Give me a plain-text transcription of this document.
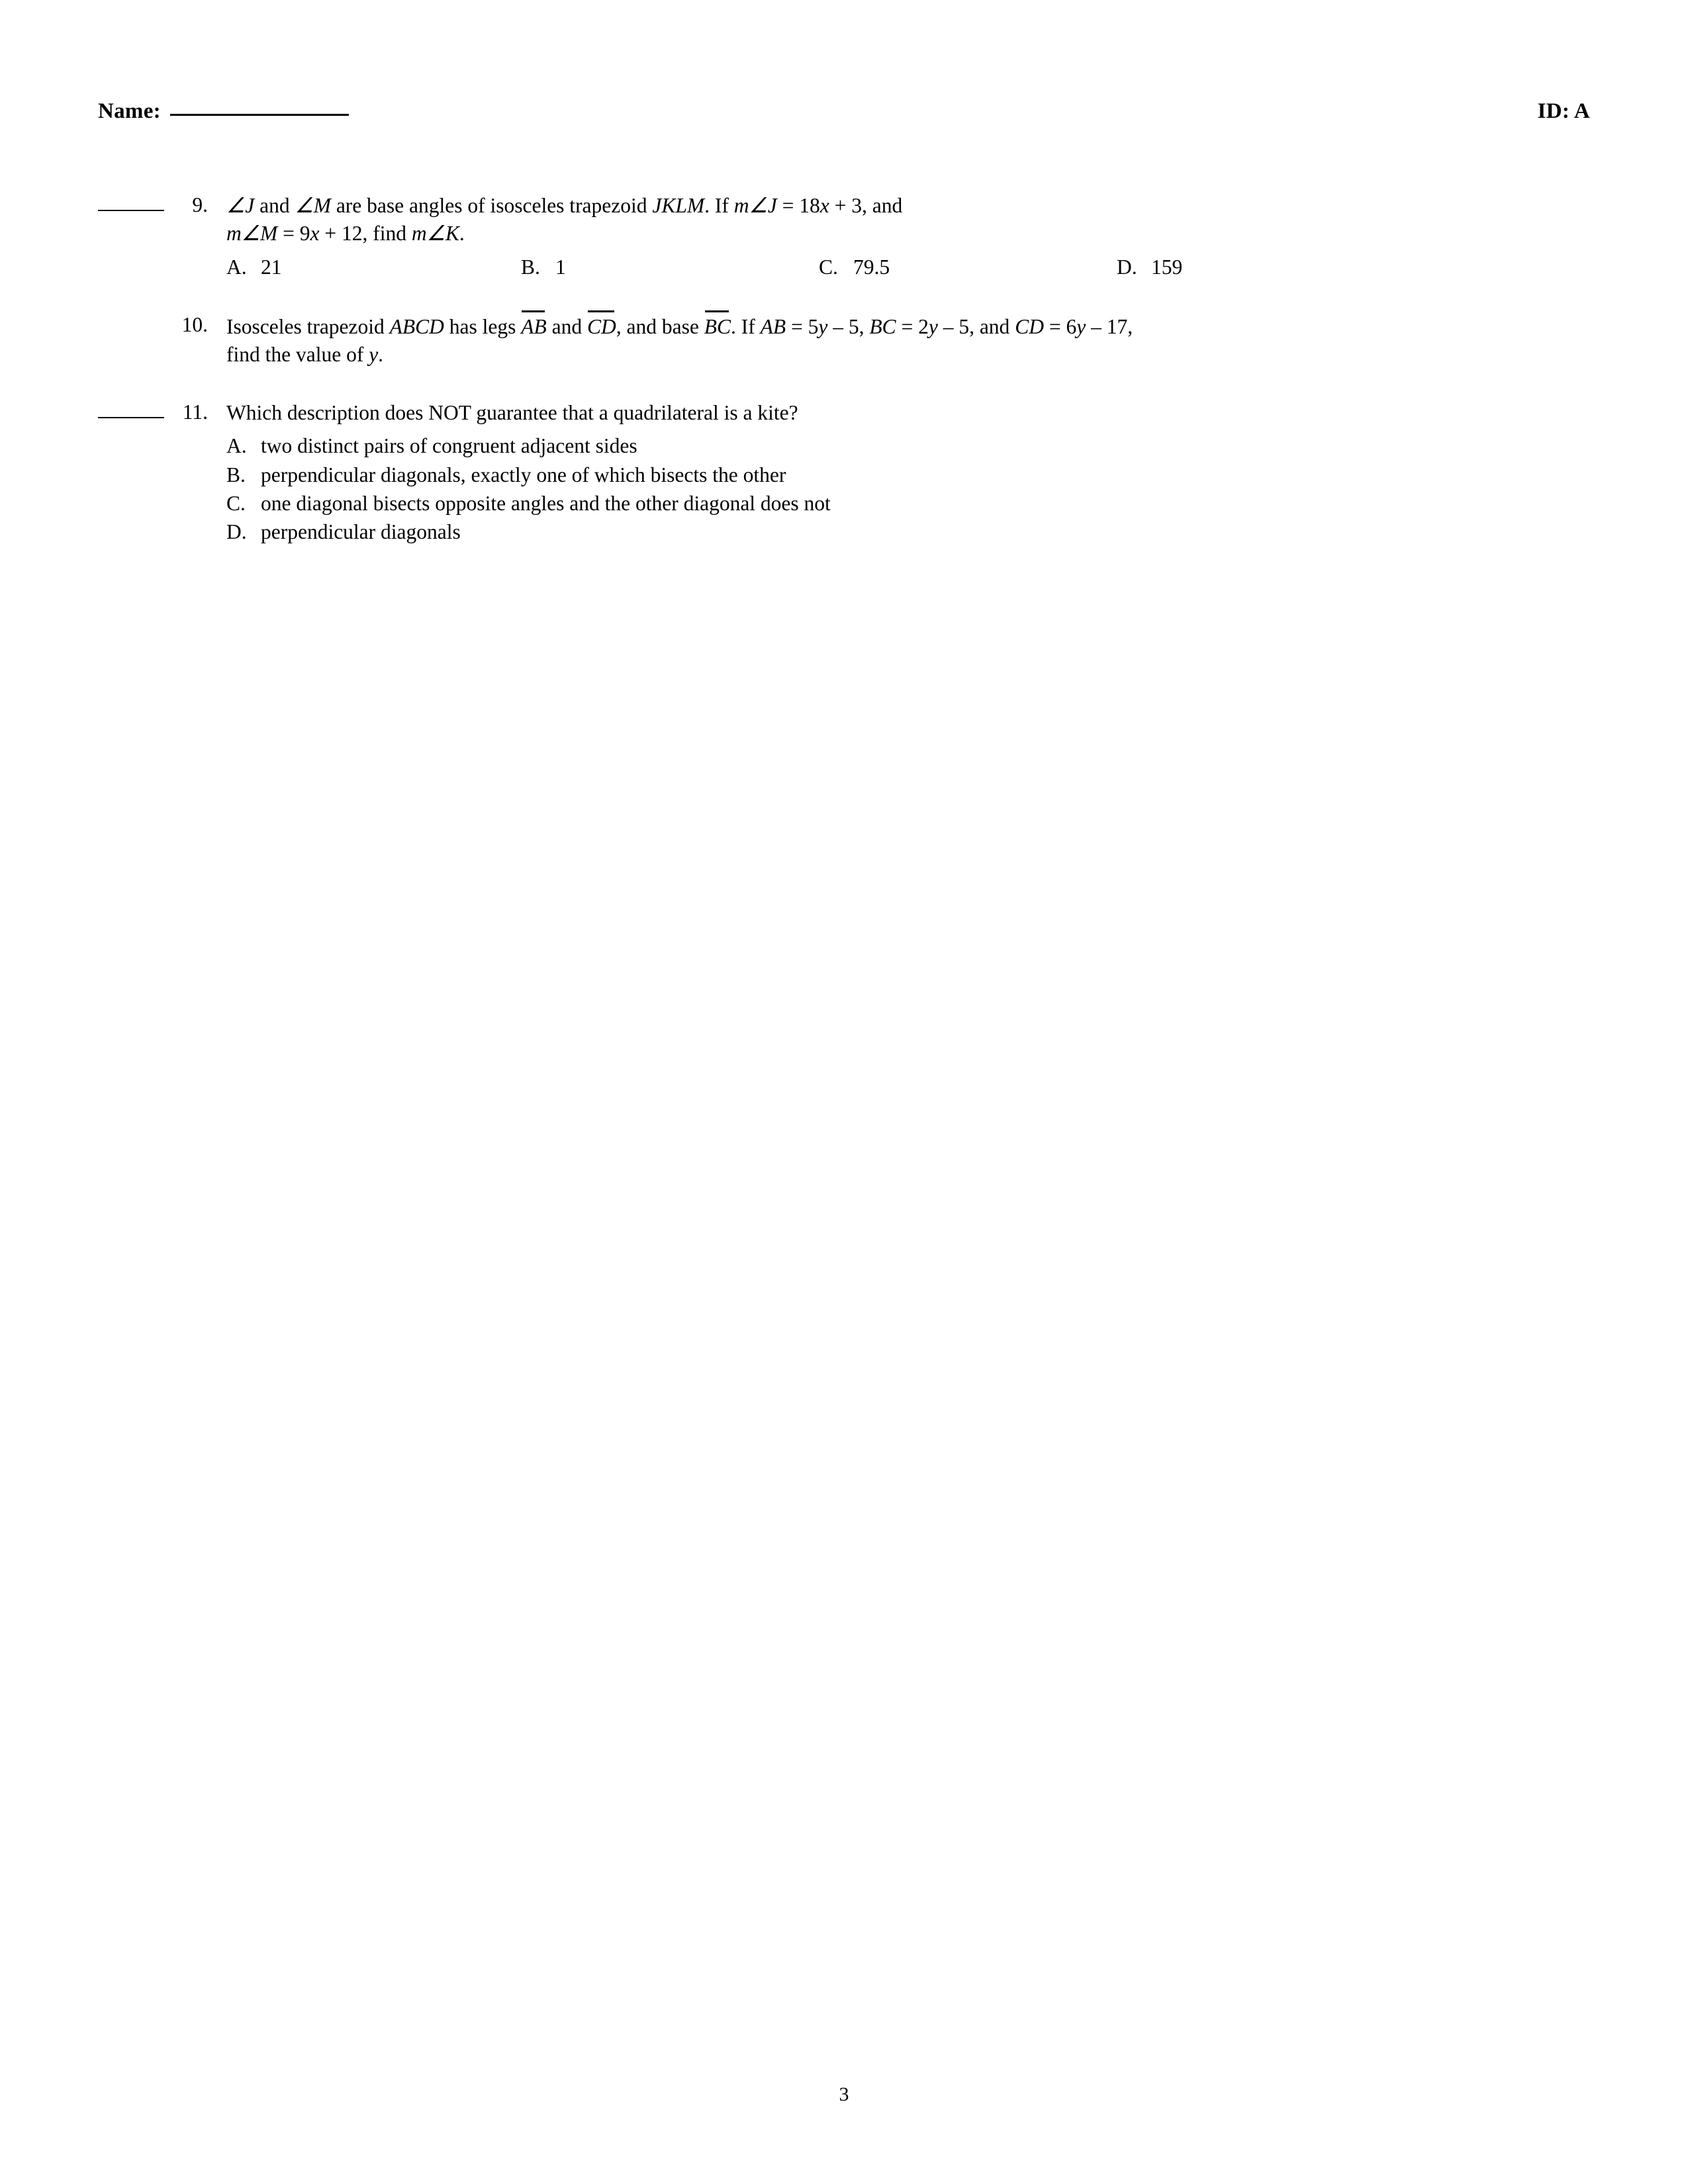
Name:	ID: A
9. ∠J and ∠M are base angles of isosceles trapezoid JKLM. If m∠J = 18x + 3, and
m∠M = 9x + 12, find m∠K.
A. 21	B. 1	C. 79.5	D. 159
10. Isosceles trapezoid ABCD has legs AB and CD, and base BC. If AB = 5y – 5, BC = 2y – 5, and CD = 6y – 17,
find the value of y.
11. Which description does NOT guarantee that a quadrilateral is a kite?
A. two distinct pairs of congruent adjacent sides
B. perpendicular diagonals, exactly one of which bisects the other
C. one diagonal bisects opposite angles and the other diagonal does not
D. perpendicular diagonals
3
